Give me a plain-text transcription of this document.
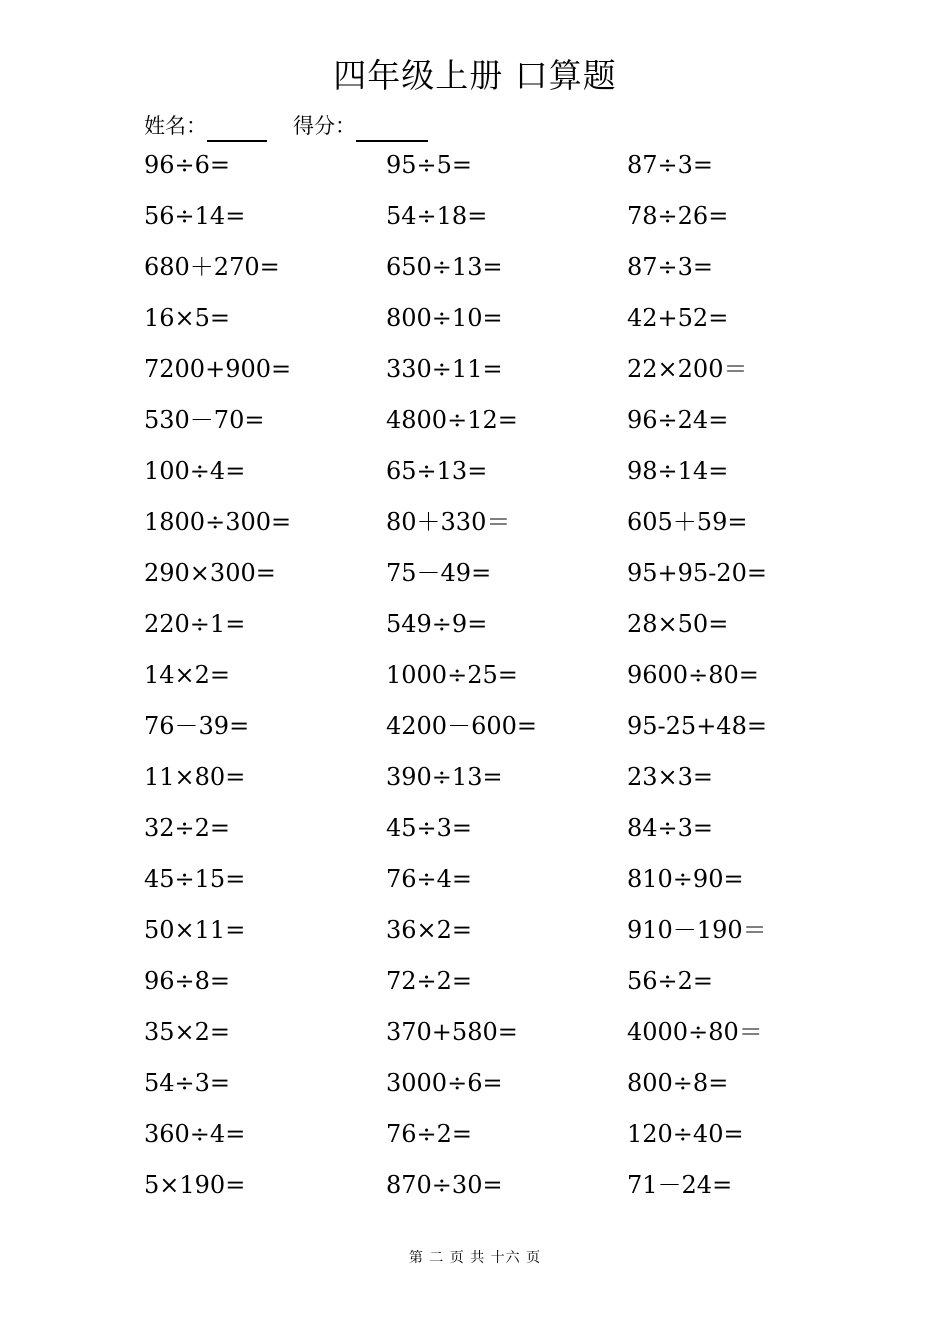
四年级上册 口算题
姓名：	得分：
96÷6=	95÷5=	87÷3=
56÷14=	54÷18=	78÷26=
680＋270=	650÷13=	87÷3=
16×5=	800÷10=	42+52=
7200+900=	330÷11=	22×200＝
530－70=	4800÷12=	96÷24=
100÷4=	65÷13=	98÷14=
1800÷300=	80＋330＝	605＋59=
290×300=	75－49=	95+95-20=
220÷1=	549÷9=	28×50=
14×2=	1000÷25=	9600÷80=
76－39=	4200－600=	95-25+48=
11×80=	390÷13=	23×3=
32÷2=	45÷3=	84÷3=
45÷15=	76÷4=	810÷90=
50×11=	36×2=	910－190＝
96÷8=	72÷2=	56÷2=
35×2=	370+580=	4000÷80＝
54÷3=	3000÷6=	800÷8=
360÷4=	76÷2=	120÷40=
5×190=	870÷30=	71－24=
第 二 页 共 十六 页
